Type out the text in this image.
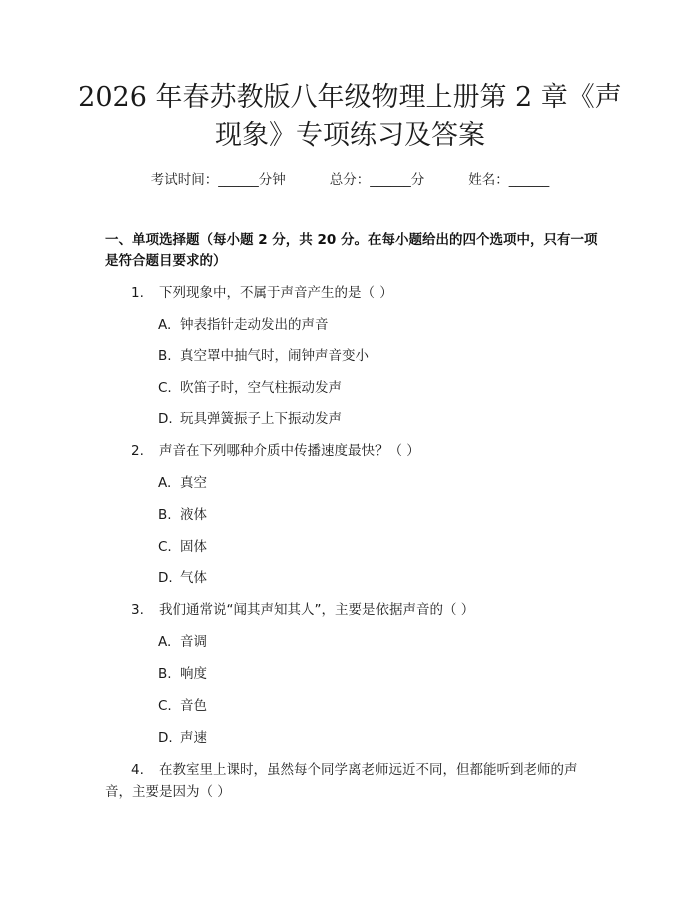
2026 年春苏教版八年级物理上册第 2 章《声
现象》专项练习及答案
考试时间：______分钟	总分：______分	姓名：______
一、单项选择题（每小题 2 分，共 20 分。在每小题给出的四个选项中，只有一项
是符合题目要求的）
1. 下列现象中，不属于声音产生的是（ ）
A. 钟表指针走动发出的声音
B. 真空罩中抽气时，闹钟声音变小
C. 吹笛子时，空气柱振动发声
D. 玩具弹簧振子上下振动发声
2. 声音在下列哪种介质中传播速度最快？（ ）
A. 真空
B. 液体
C. 固体
D. 气体
3. 我们通常说“闻其声知其人”，主要是依据声音的（ ）
A. 音调
B. 响度
C. 音色
D. 声速
4. 在教室里上课时，虽然每个同学离老师远近不同，但都能听到老师的声
音，主要是因为（ ）
